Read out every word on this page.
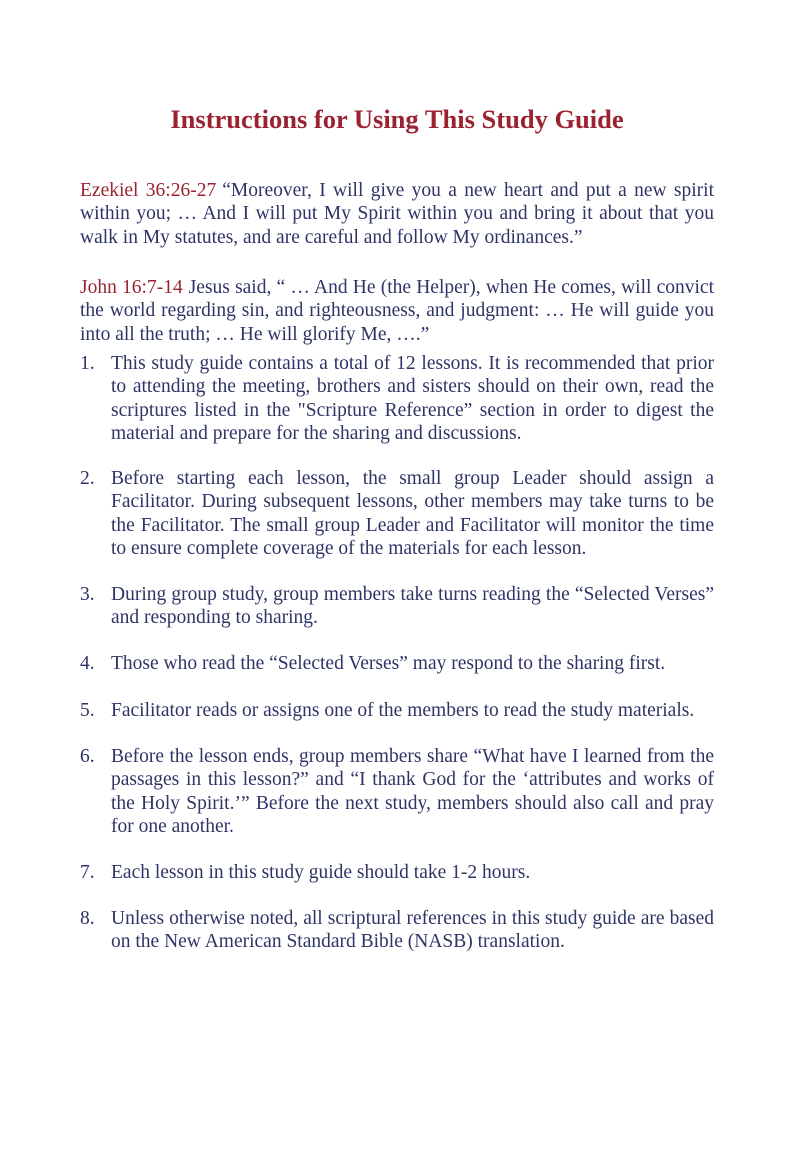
Instructions for Using This Study Guide

Ezekiel 36:26-27 “Moreover, I will give you a new heart and put a new spirit within you; … And I will put My Spirit within you and bring it about that you walk in My statutes, and are careful and follow My ordinances.”

John 16:7-14 Jesus said, “ … And He (the Helper), when He comes, will convict the world regarding sin, and righteousness, and judgment: … He will guide you into all the truth; … He will glorify Me, ….”

1. This study guide contains a total of 12 lessons. It is recommended that prior to attending the meeting, brothers and sisters should on their own, read the scriptures listed in the "Scripture Reference” section in order to digest the material and prepare for the sharing and discussions.
2. Before starting each lesson, the small group Leader should assign a Facilitator. During subsequent lessons, other members may take turns to be the Facilitator. The small group Leader and Facilitator will monitor the time to ensure complete coverage of the materials for each lesson.
3. During group study, group members take turns reading the “Selected Verses” and responding to sharing.
4. Those who read the “Selected Verses” may respond to the sharing first.
5. Facilitator reads or assigns one of the members to read the study materials.
6. Before the lesson ends, group members share “What have I learned from the passages in this lesson?” and “I thank God for the ‘attributes and works of the Holy Spirit.’” Before the next study, members should also call and pray for one another.
7. Each lesson in this study guide should take 1-2 hours.
8. Unless otherwise noted, all scriptural references in this study guide are based on the New American Standard Bible (NASB) translation.
